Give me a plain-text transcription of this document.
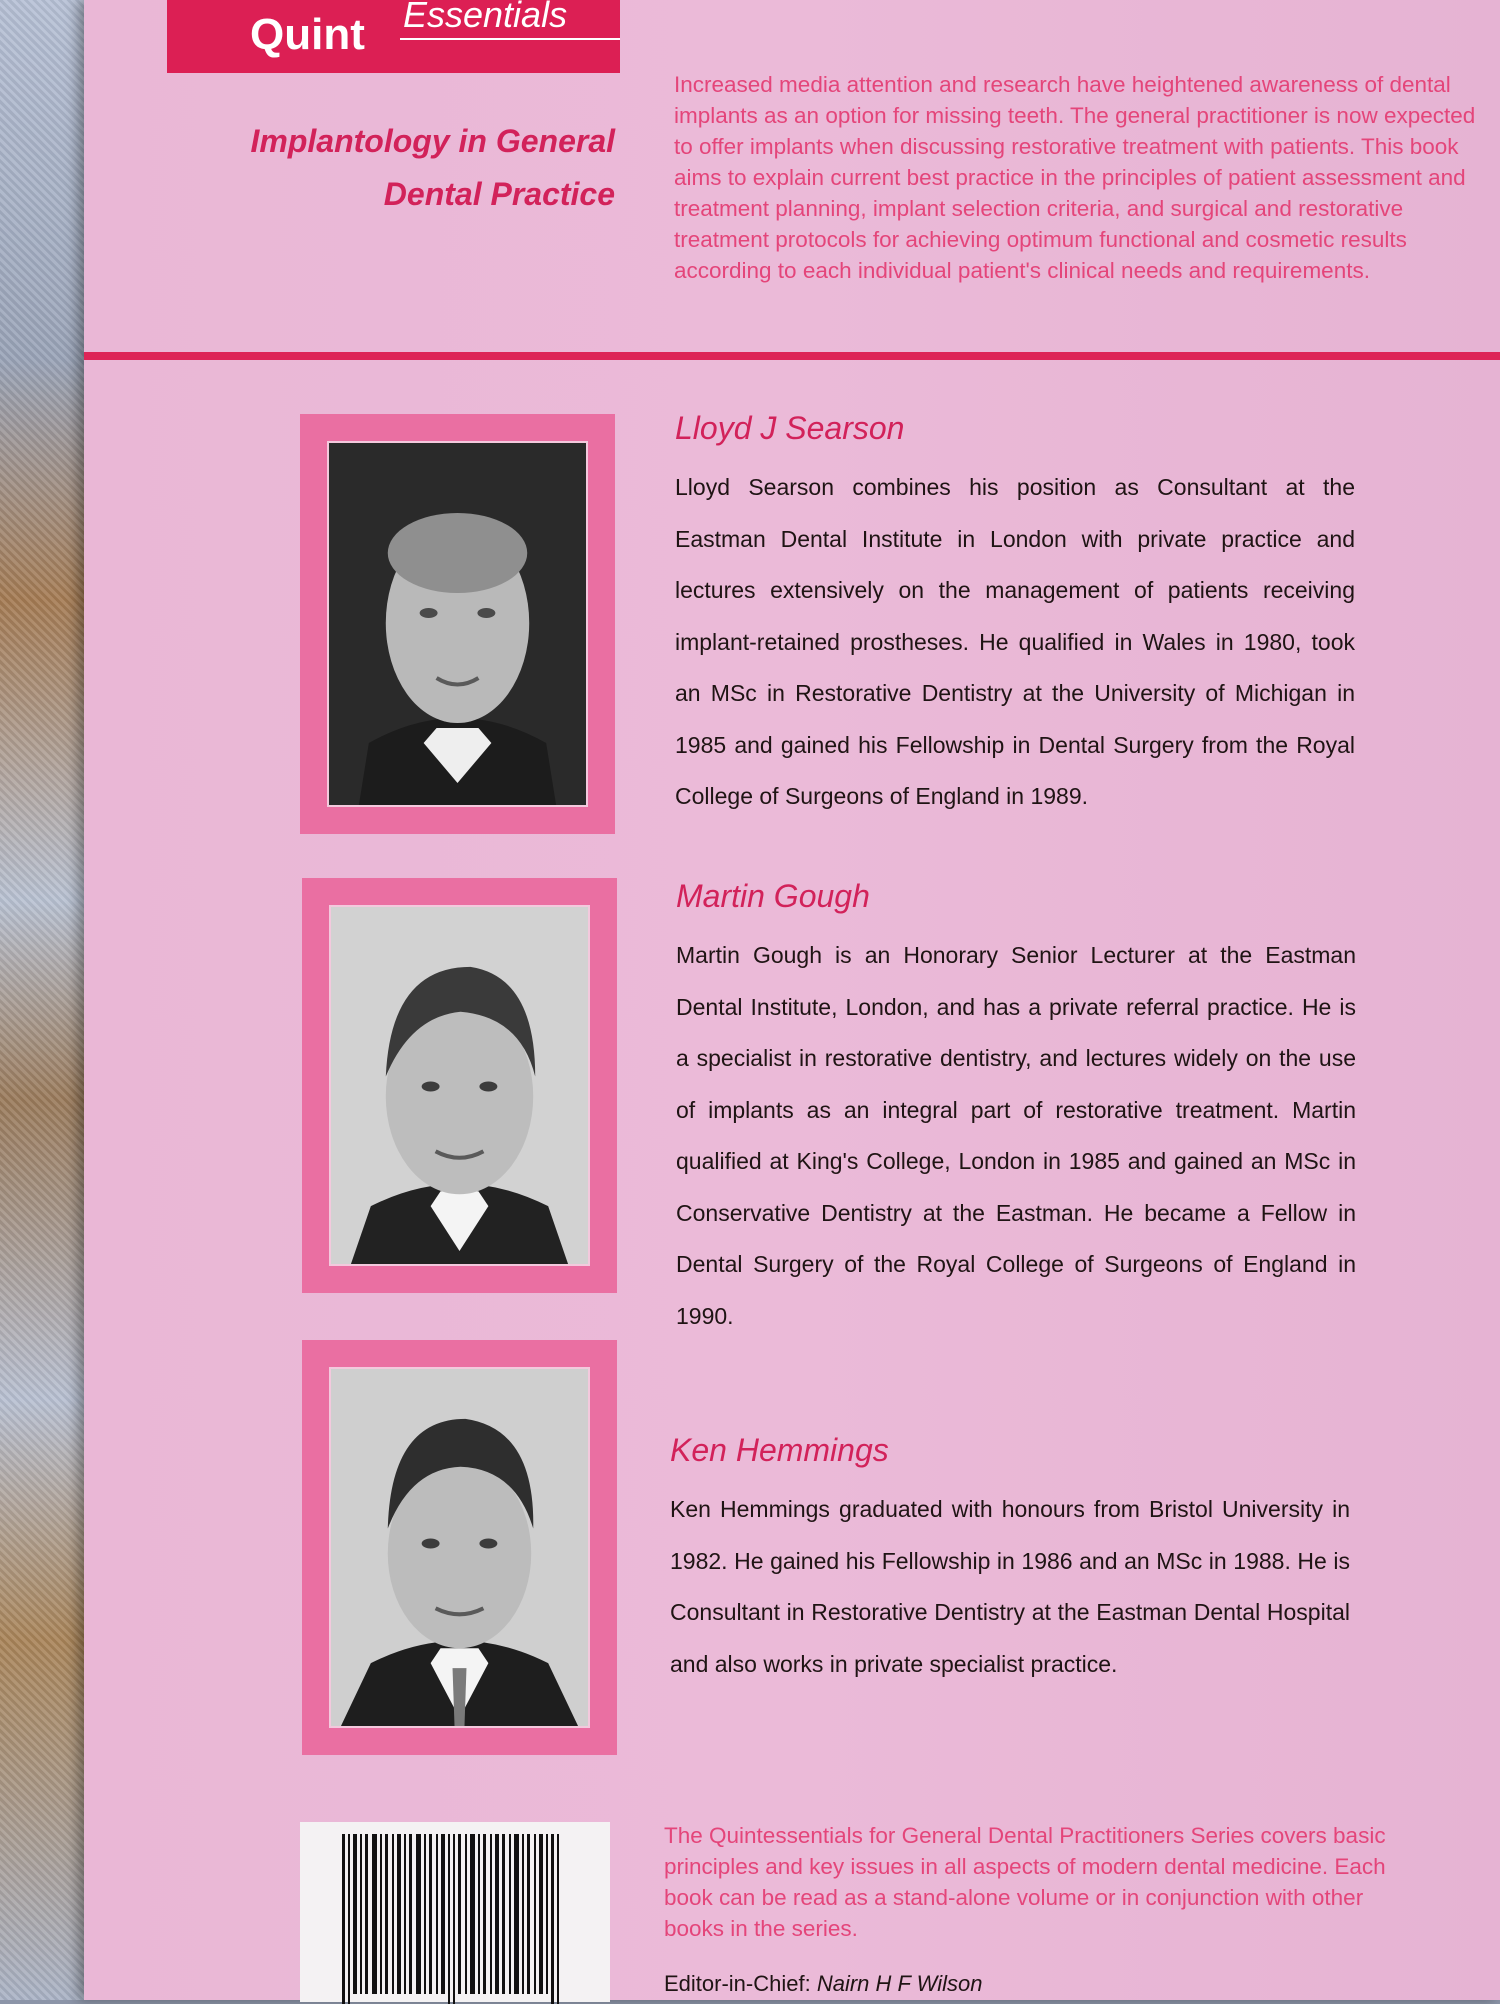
Quint Essentials
Implantology in General
Dental Practice
Increased media attention and research have heightened awareness of dental implants as an option for missing teeth. The general practitioner is now expected to offer implants when discussing restorative treatment with patients. This book aims to explain current best practice in the principles of patient assessment and treatment planning, implant selection criteria, and surgical and restorative treatment protocols for achieving optimum functional and cosmetic results according to each individual patient's clinical needs and requirements.
Lloyd J Searson
Lloyd Searson combines his position as Consultant at the Eastman Dental Institute in London with private practice and lectures extensively on the management of patients receiving implant-retained prostheses. He qualified in Wales in 1980, took an MSc in Restorative Dentistry at the University of Michigan in 1985 and gained his Fellowship in Dental Surgery from the Royal College of Surgeons of England in 1989.
Martin Gough
Martin Gough is an Honorary Senior Lecturer at the Eastman Dental Institute, London, and has a private referral practice. He is a specialist in restorative dentistry, and lectures widely on the use of implants as an integral part of restorative treatment. Martin qualified at King's College, London in 1985 and gained an MSc in Conservative Dentistry at the Eastman. He became a Fellow in Dental Surgery of the Royal College of Surgeons of England in 1990.
Ken Hemmings
Ken Hemmings graduated with honours from Bristol University in 1982. He gained his Fellowship in 1986 and an MSc in 1988. He is Consultant in Restorative Dentistry at the Eastman Dental Hospital and also works in private specialist practice.
The Quintessentials for General Dental Practitioners Series covers basic principles and key issues in all aspects of modern dental medicine. Each book can be read as a stand-alone volume or in conjunction with other books in the series.
Editor-in-Chief: Nairn H F Wilson
